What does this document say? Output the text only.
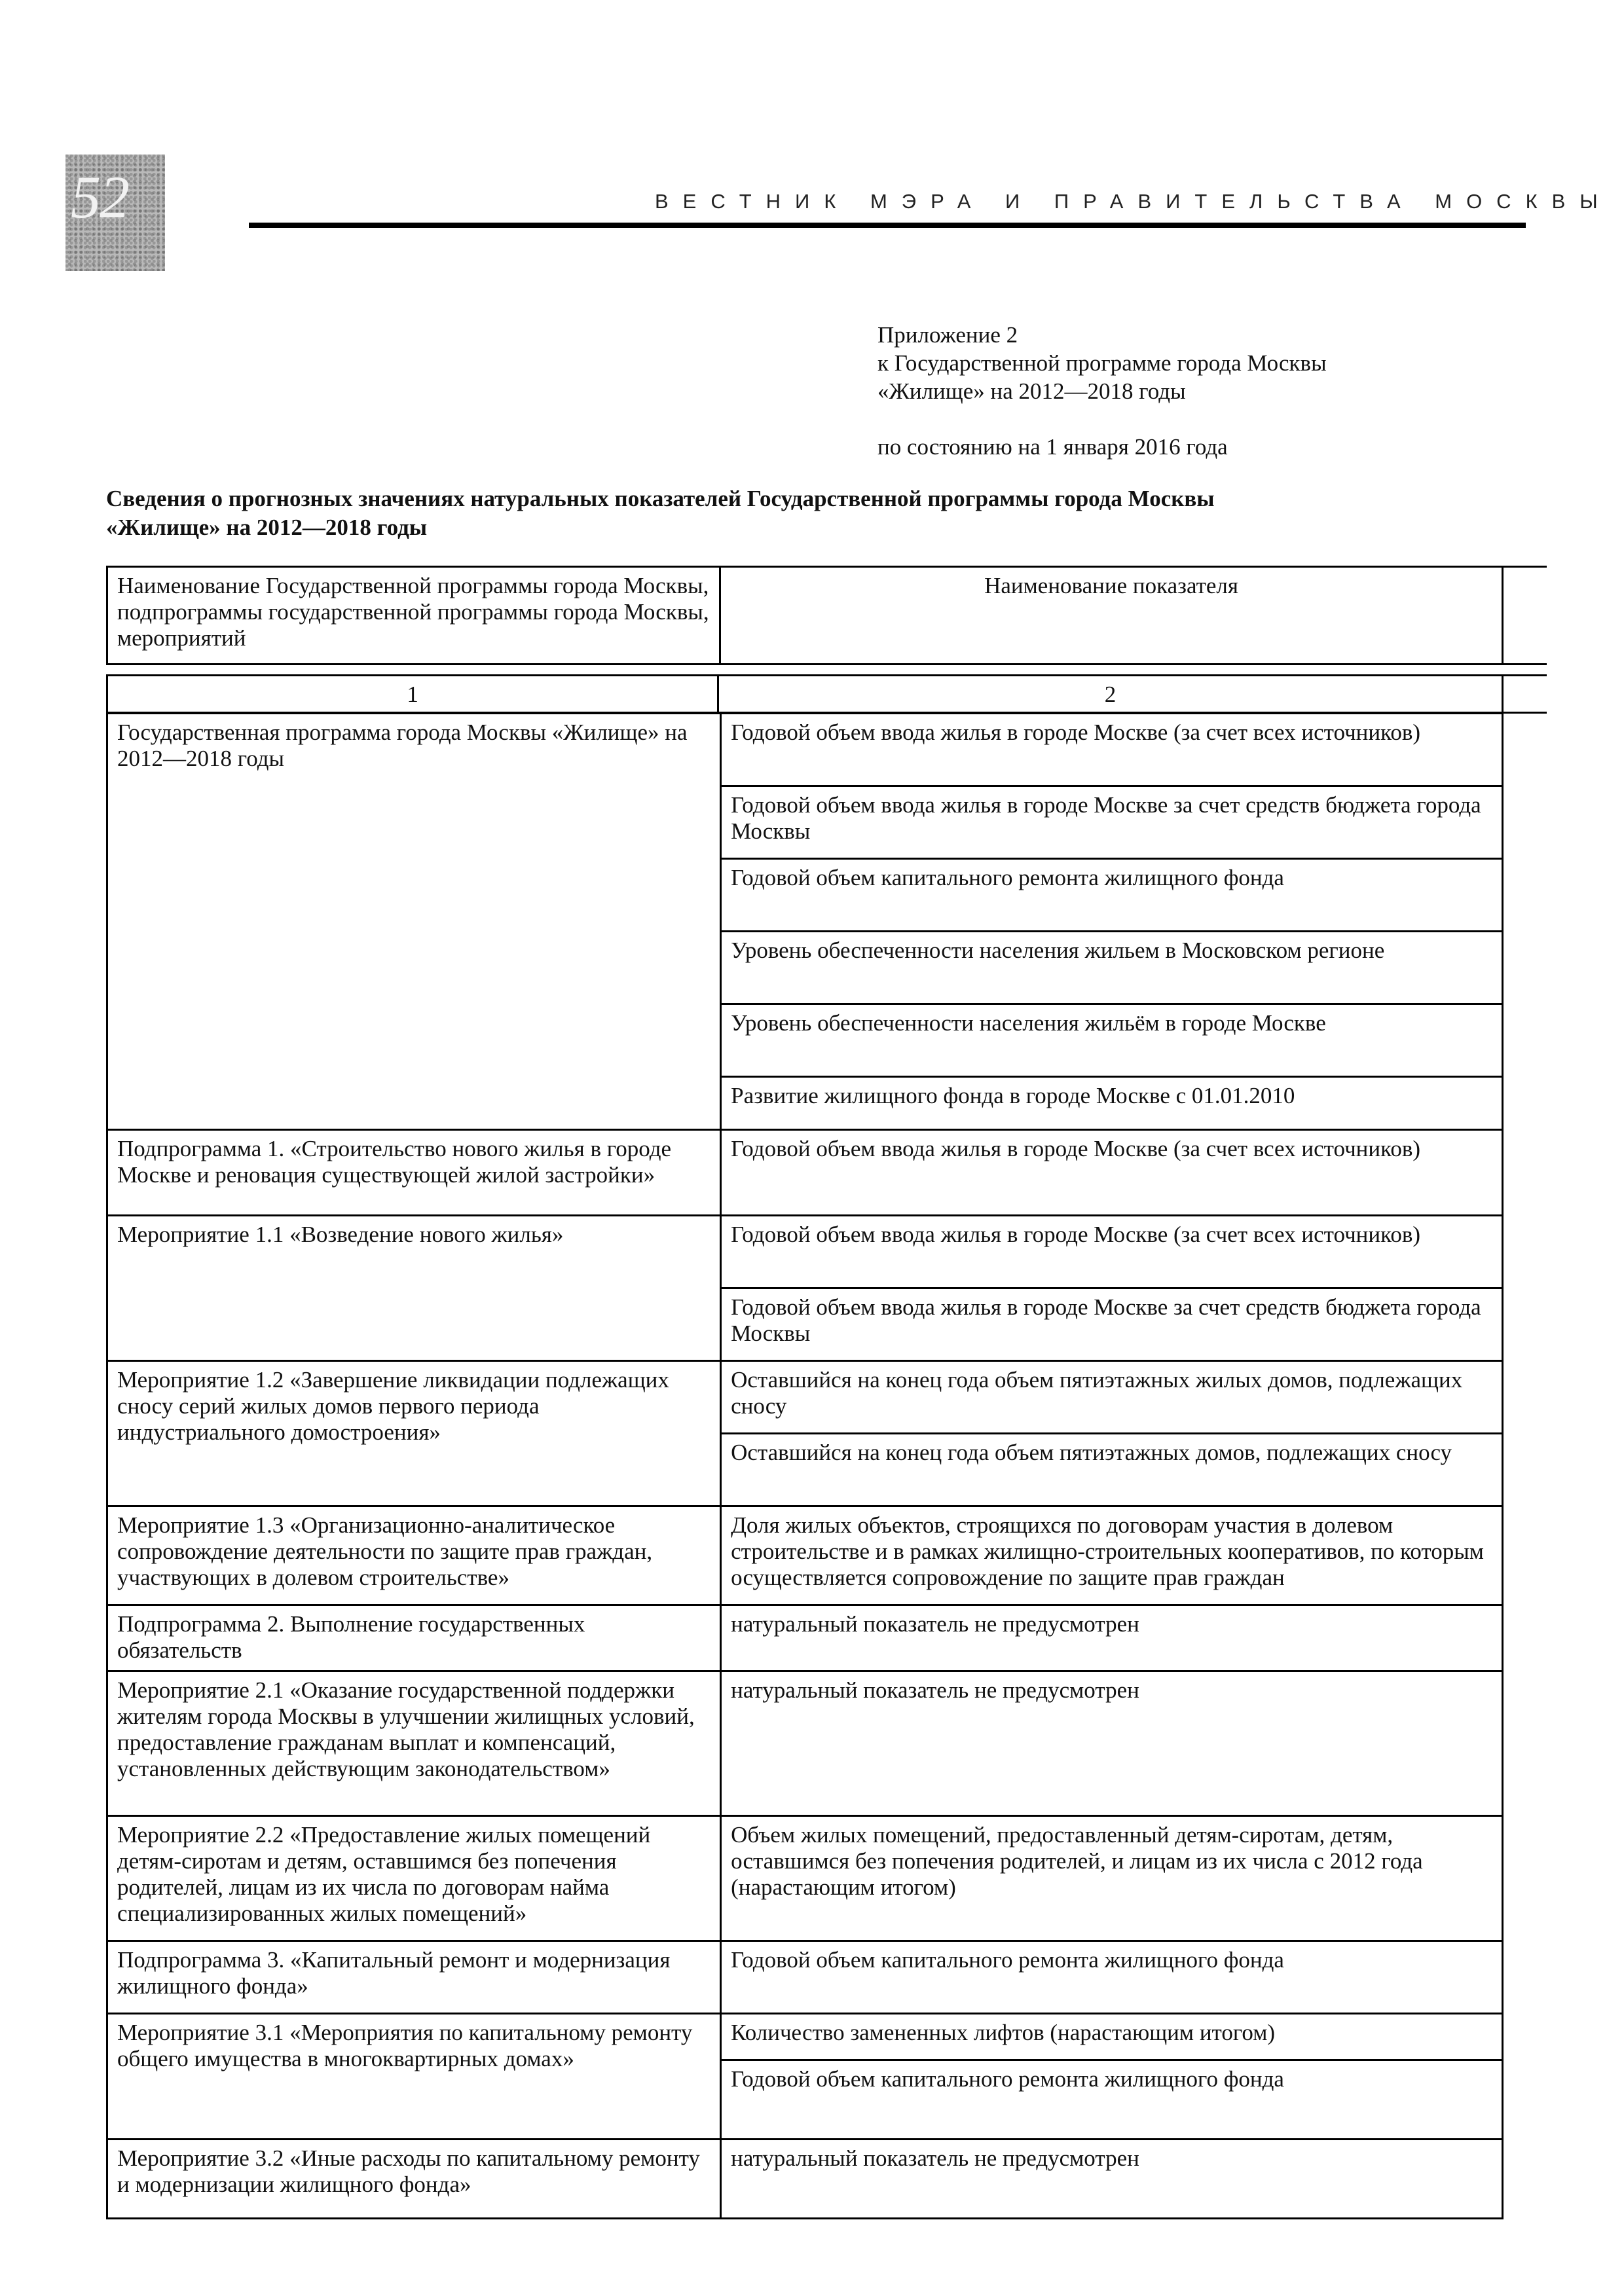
52	ВЕСТНИК МЭРА И ПРАВИТЕЛЬСТВА МОСКВЫ
Приложение 2
к Государственной программе города Москвы
«Жилище» на 2012—2018 годы
по состоянию на 1 января 2016 года
Сведения о прогнозных значениях натуральных показателей Государственной программы города Москвы
«Жилище» на 2012—2018 годы
Наименование Государственной программы города Москвы, подпрограммы государственной программы города Москвы, мероприятий	Наименование показателя	
1	2	
Государственная программа города Москвы «Жилище» на 2012—2018 годы	Годовой объем ввода жилья в городе Москве (за счет всех источников)	
	Годовой объем ввода жилья в городе Москве за счет средств бюджета города Москвы	
	Годовой объем капитального ремонта жилищного фонда	
	Уровень обеспеченности населения жильем в Московском регионе	
	Уровень обеспеченности населения жильём в городе Москве	
	Развитие жилищного фонда в городе Москве с 01.01.2010	
Подпрограмма 1. «Строительство нового жилья в городе Москве и реновация существующей жилой застройки»	Годовой объем ввода жилья в городе Москве (за счет всех источников)	
Мероприятие 1.1 «Возведение нового жилья»	Годовой объем ввода жилья в городе Москве (за счет всех источников)	
	Годовой объем ввода жилья в городе Москве за счет средств бюджета города Москвы	
Мероприятие 1.2 «Завершение ликвидации подлежащих сносу серий жилых домов первого периода индустриального домостроения»	Оставшийся на конец года объем пятиэтажных жилых домов, подлежащих сносу	
	Оставшийся на конец года объем пятиэтажных домов, подлежащих сносу	
Мероприятие 1.3 «Организационно-аналитическое сопровождение деятельности по защите прав граждан, участвующих в долевом строительстве»	Доля жилых объектов, строящихся по договорам участия в долевом строительстве и в рамках жилищно-строительных кооперативов, по которым осуществляется сопровождение по защите прав граждан	
Подпрограмма 2. Выполнение государственных обязательств	натуральный показатель не предусмотрен	
Мероприятие 2.1 «Оказание государственной поддержки жителям города Москвы в улучшении жилищных условий, предоставление гражданам выплат и компенсаций, установленных действующим законодательством»	натуральный показатель не предусмотрен	
Мероприятие 2.2 «Предоставление жилых помещений детям-сиротам и детям, оставшимся без попечения родителей, лицам из их числа по договорам найма специализированных жилых помещений»	Объем жилых помещений, предоставленный детям-сиротам, детям, оставшимся без попечения родителей, и лицам из их числа с 2012 года (нарастающим итогом)	
Подпрограмма 3. «Капитальный ремонт и модернизация жилищного фонда»	Годовой объем капитального ремонта жилищного фонда	
Мероприятие 3.1 «Мероприятия по капитальному ремонту общего имущества в многоквартирных домах»	Количество замененных лифтов (нарастающим итогом)	
	Годовой объем капитального ремонта жилищного фонда	
Мероприятие 3.2 «Иные расходы по капитальному ремонту и модернизации жилищного фонда»	натуральный показатель не предусмотрен	
